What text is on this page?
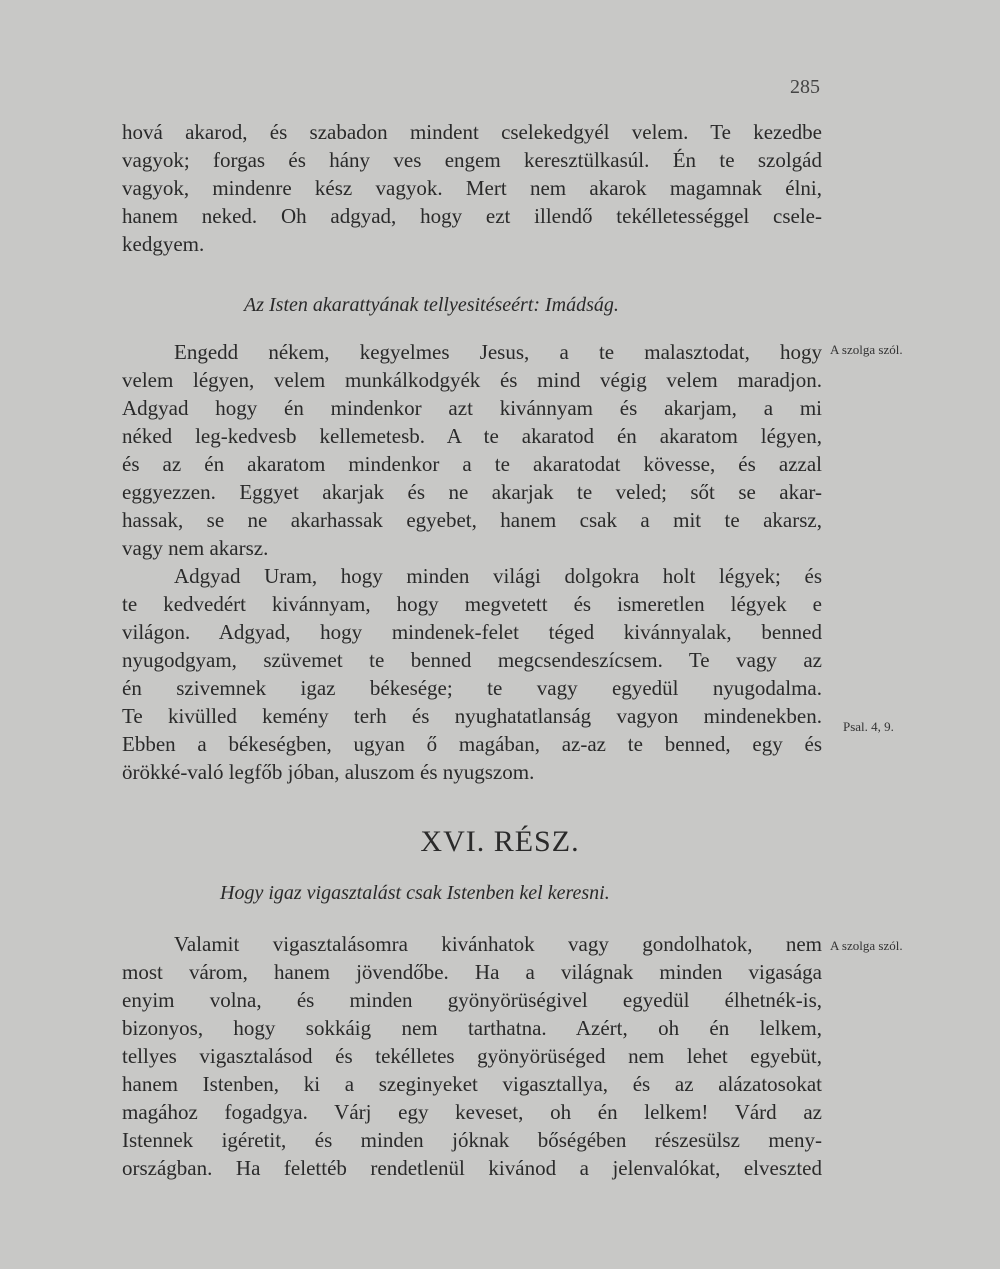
285
hová akarod, és szabadon mindent cselekedgyél velem. Te kezedbe
vagyok; forgas és hány ves engem keresztülkasúl. Én te szolgád
vagyok, mindenre kész vagyok. Mert nem akarok magamnak élni,
hanem neked. Oh adgyad, hogy ezt illendő tekélletességgel csele-
kedgyem.
Az Isten akarattyának tellyesitéseért: Imádság.
Engedd nékem, kegyelmes Jesus, a te malasztodat, hogy
velem légyen, velem munkálkodgyék és mind végig velem maradjon.
Adgyad hogy én mindenkor azt kivánnyam és akarjam, a mi
néked leg-kedvesb kellemetesb. A te akaratod én akaratom légyen,
és az én akaratom mindenkor a te akaratodat kövesse, és azzal
eggyezzen. Eggyet akarjak és ne akarjak te veled; sőt se akar-
hassak, se ne akarhassak egyebet, hanem csak a mit te akarsz,
vagy nem akarsz.
Adgyad Uram, hogy minden világi dolgokra holt légyek; és
te kedvedért kivánnyam, hogy megvetett és ismeretlen légyek e
világon. Adgyad, hogy mindenek-felet téged kivánnyalak, benned
nyugodgyam, szüvemet te benned megcsendeszícsem. Te vagy az
én szivemnek igaz békesége; te vagy egyedül nyugodalma.
Te kivülled kemény terh és nyughatatlanság vagyon mindenekben.
Ebben a békeségben, ugyan ő magában, az-az te benned, egy és
örökké-való legfőb jóban, aluszom és nyugszom.
XVI. RÉSZ.
Hogy igaz vigasztalást csak Istenben kel keresni.
Valamit vigasztalásomra kivánhatok vagy gondolhatok, nem
most várom, hanem jövendőbe. Ha a világnak minden vigasága
enyim volna, és minden gyönyörüségivel egyedül élhetnék-is,
bizonyos, hogy sokkáig nem tarthatna. Azért, oh én lelkem,
tellyes vigasztalásod és tekélletes gyönyörüséged nem lehet egyebüt,
hanem Istenben, ki a szeginyeket vigasztallya, és az alázatosokat
magához fogadgya. Várj egy keveset, oh én lelkem! Várd az
Istennek igéretit, és minden jóknak bőségében részesülsz meny-
országban. Ha felettéb rendetlenül kivánod a jelenvalókat, elveszted
A szolga szól.
Psal. 4, 9.
A szolga szól.
